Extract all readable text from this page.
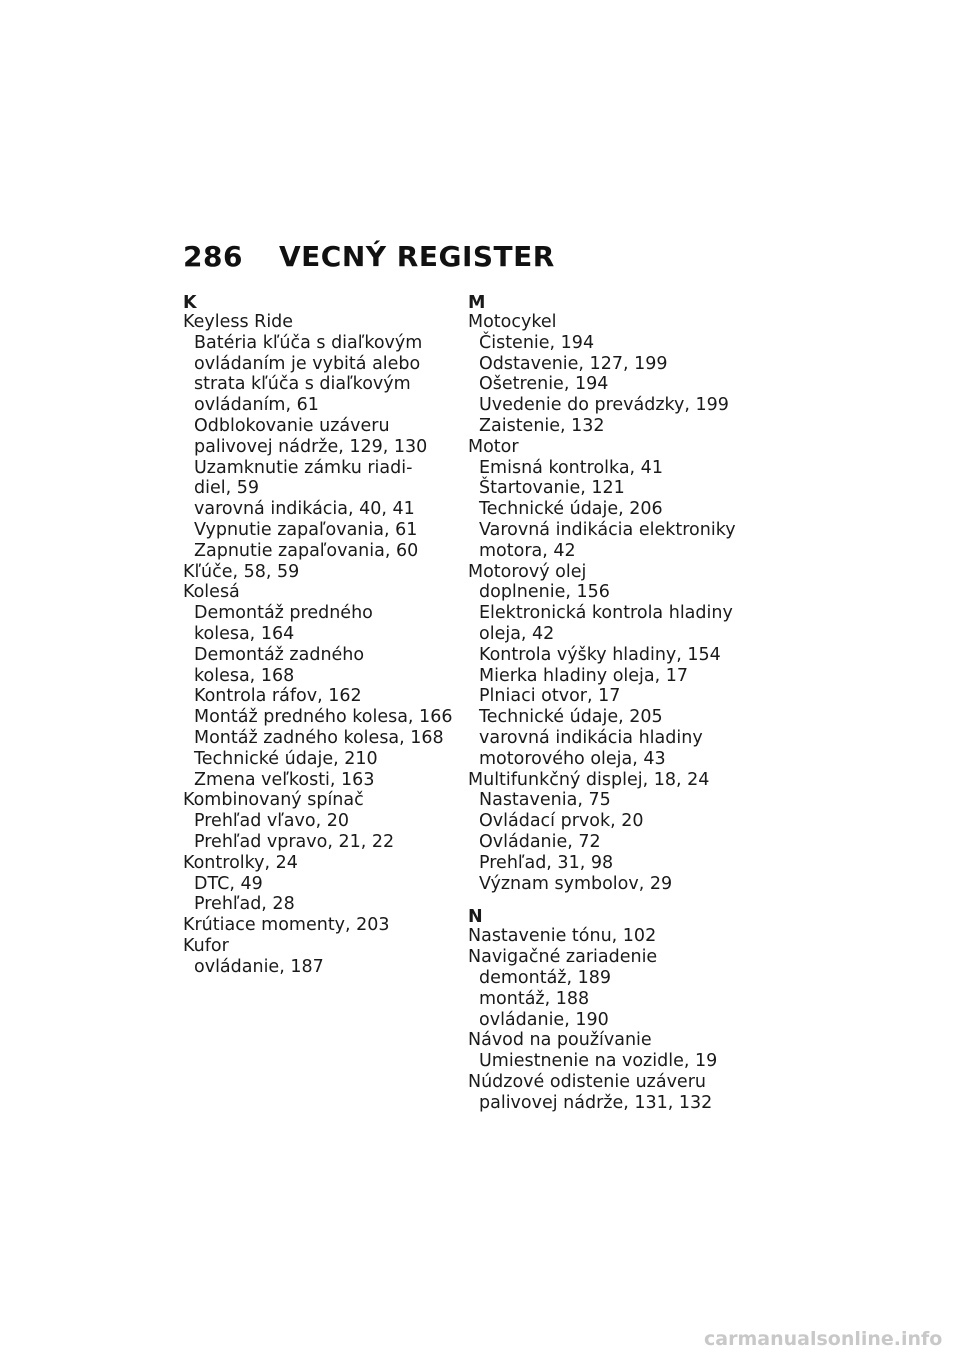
286 VECNÝ REGISTER
K
Keyless Ride
Batéria kľúča s diaľkovým
ovládaním je vybitá alebo
strata kľúča s diaľkovým
ovládaním, 61
Odblokovanie uzáveru
palivovej nádrže, 129, 130
Uzamknutie zámku riadi-
diel, 59
varovná indikácia, 40, 41
Vypnutie zapaľovania, 61
Zapnutie zapaľovania, 60
Kľúče, 58, 59
Kolesá
Demontáž predného
kolesa, 164
Demontáž zadného
kolesa, 168
Kontrola ráfov, 162
Montáž predného kolesa, 166
Montáž zadného kolesa, 168
Technické údaje, 210
Zmena veľkosti, 163
Kombinovaný spínač
Prehľad vľavo, 20
Prehľad vpravo, 21, 22
Kontrolky, 24
DTC, 49
Prehľad, 28
Krútiace momenty, 203
Kufor
ovládanie, 187
M
Motocykel
Čistenie, 194
Odstavenie, 127, 199
Ošetrenie, 194
Uvedenie do prevádzky, 199
Zaistenie, 132
Motor
Emisná kontrolka, 41
Štartovanie, 121
Technické údaje, 206
Varovná indikácia elektroniky
motora, 42
Motorový olej
doplnenie, 156
Elektronická kontrola hladiny
oleja, 42
Kontrola výšky hladiny, 154
Mierka hladiny oleja, 17
Plniaci otvor, 17
Technické údaje, 205
varovná indikácia hladiny
motorového oleja, 43
Multifunkčný displej, 18, 24
Nastavenia, 75
Ovládací prvok, 20
Ovládanie, 72
Prehľad, 31, 98
Význam symbolov, 29
N
Nastavenie tónu, 102
Navigačné zariadenie
demontáž, 189
montáž, 188
ovládanie, 190
Návod na používanie
Umiestnenie na vozidle, 19
Núdzové odistenie uzáveru
palivovej nádrže, 131, 132
carmanualsonline.info
